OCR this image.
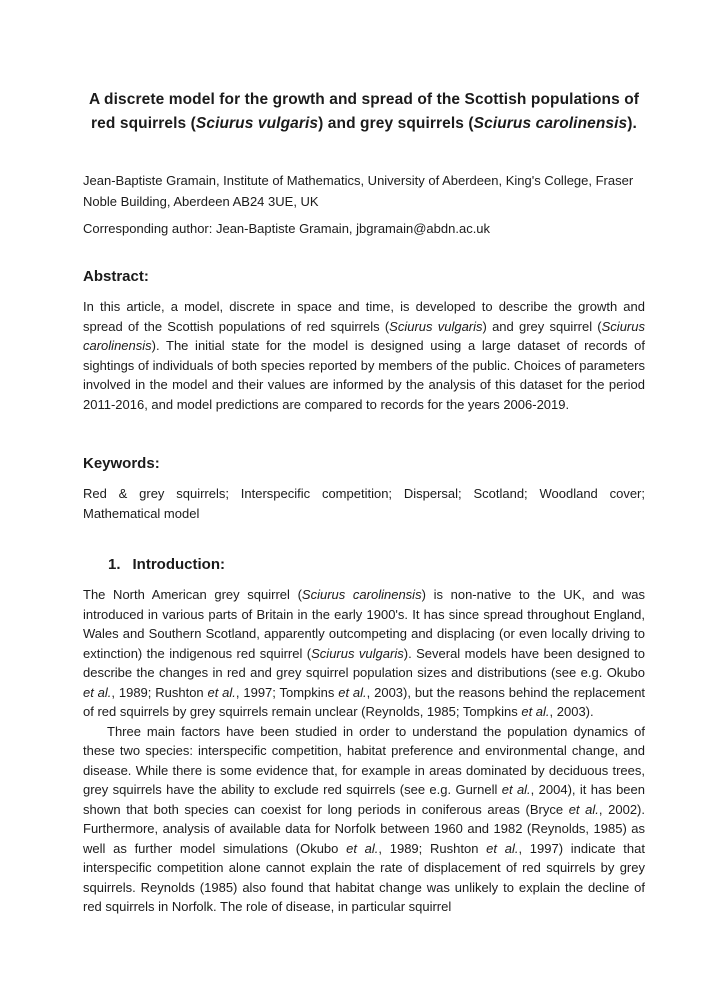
A discrete model for the growth and spread of the Scottish populations of red squirrels (Sciurus vulgaris) and grey squirrels (Sciurus carolinensis).

Jean-Baptiste Gramain, Institute of Mathematics, University of Aberdeen, King's College, Fraser Noble Building, Aberdeen AB24 3UE, UK

Corresponding author: Jean-Baptiste Gramain, jbgramain@abdn.ac.uk

Abstract:

In this article, a model, discrete in space and time, is developed to describe the growth and spread of the Scottish populations of red squirrels (Sciurus vulgaris) and grey squirrel (Sciurus carolinensis). The initial state for the model is designed using a large dataset of records of sightings of individuals of both species reported by members of the public. Choices of parameters involved in the model and their values are informed by the analysis of this dataset for the period 2011-2016, and model predictions are compared to records for the years 2006-2019.

Keywords:

Red & grey squirrels; Interspecific competition; Dispersal; Scotland; Woodland cover; Mathematical model

1. Introduction:

The North American grey squirrel (Sciurus carolinensis) is non-native to the UK, and was introduced in various parts of Britain in the early 1900's. It has since spread throughout England, Wales and Southern Scotland, apparently outcompeting and displacing (or even locally driving to extinction) the indigenous red squirrel (Sciurus vulgaris). Several models have been designed to describe the changes in red and grey squirrel population sizes and distributions (see e.g. Okubo et al., 1989; Rushton et al., 1997; Tompkins et al., 2003), but the reasons behind the replacement of red squirrels by grey squirrels remain unclear (Reynolds, 1985; Tompkins et al., 2003).

Three main factors have been studied in order to understand the population dynamics of these two species: interspecific competition, habitat preference and environmental change, and disease. While there is some evidence that, for example in areas dominated by deciduous trees, grey squirrels have the ability to exclude red squirrels (see e.g. Gurnell et al., 2004), it has been shown that both species can coexist for long periods in coniferous areas (Bryce et al., 2002). Furthermore, analysis of available data for Norfolk between 1960 and 1982 (Reynolds, 1985) as well as further model simulations (Okubo et al., 1989; Rushton et al., 1997) indicate that interspecific competition alone cannot explain the rate of displacement of red squirrels by grey squirrels. Reynolds (1985) also found that habitat change was unlikely to explain the decline of red squirrels in Norfolk. The role of disease, in particular squirrel
